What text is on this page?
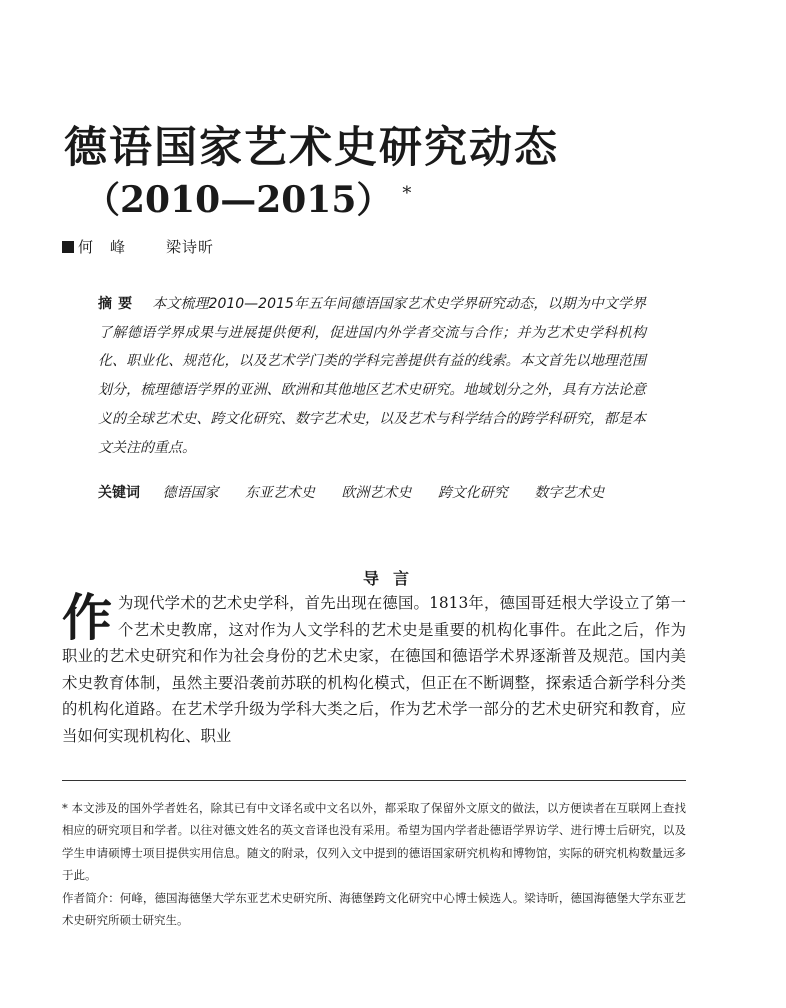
德语国家艺术史研究动态
（2010—2015） *
何　峰	梁诗昕
摘要 本文梳理2010—2015年五年间德语国家艺术史学界研究动态，以期为中文学界了解德语学界成果与进展提供便利，促进国内外学者交流与合作；并为艺术史学科机构化、职业化、规范化，以及艺术学门类的学科完善提供有益的线索。本文首先以地理范围划分，梳理德语学界的亚洲、欧洲和其他地区艺术史研究。地域划分之外，具有方法论意义的全球艺术史、跨文化研究、数字艺术史，以及艺术与科学结合的跨学科研究，都是本文关注的重点。
关键词 德语国家 东亚艺术史 欧洲艺术史 跨文化研究 数字艺术史
导言
作为现代学术的艺术史学科，首先出现在德国。1813年，德国哥廷根大学设立了第一个艺术史教席，这对作为人文学科的艺术史是重要的机构化事件。在此之后，作为职业的艺术史研究和作为社会身份的艺术史家，在德国和德语学术界逐渐普及规范。国内美术史教育体制，虽然主要沿袭前苏联的机构化模式，但正在不断调整，探索适合新学科分类的机构化道路。在艺术学升级为学科大类之后，作为艺术学一部分的艺术史研究和教育，应当如何实现机构化、职业

* 本文涉及的国外学者姓名，除其已有中文译名或中文名以外，都采取了保留外文原文的做法，以方便读者在互联网上查找相应的研究项目和学者。以往对德文姓名的英文音译也没有采用。希望为国内学者赴德语学界访学、进行博士后研究，以及学生申请硕博士项目提供实用信息。随文的附录，仅列入文中提到的德语国家研究机构和博物馆，实际的研究机构数量远多于此。

作者简介：何峰，德国海德堡大学东亚艺术史研究所、海德堡跨文化研究中心博士候选人。梁诗昕，德国海德堡大学东亚艺术史研究所硕士研究生。
